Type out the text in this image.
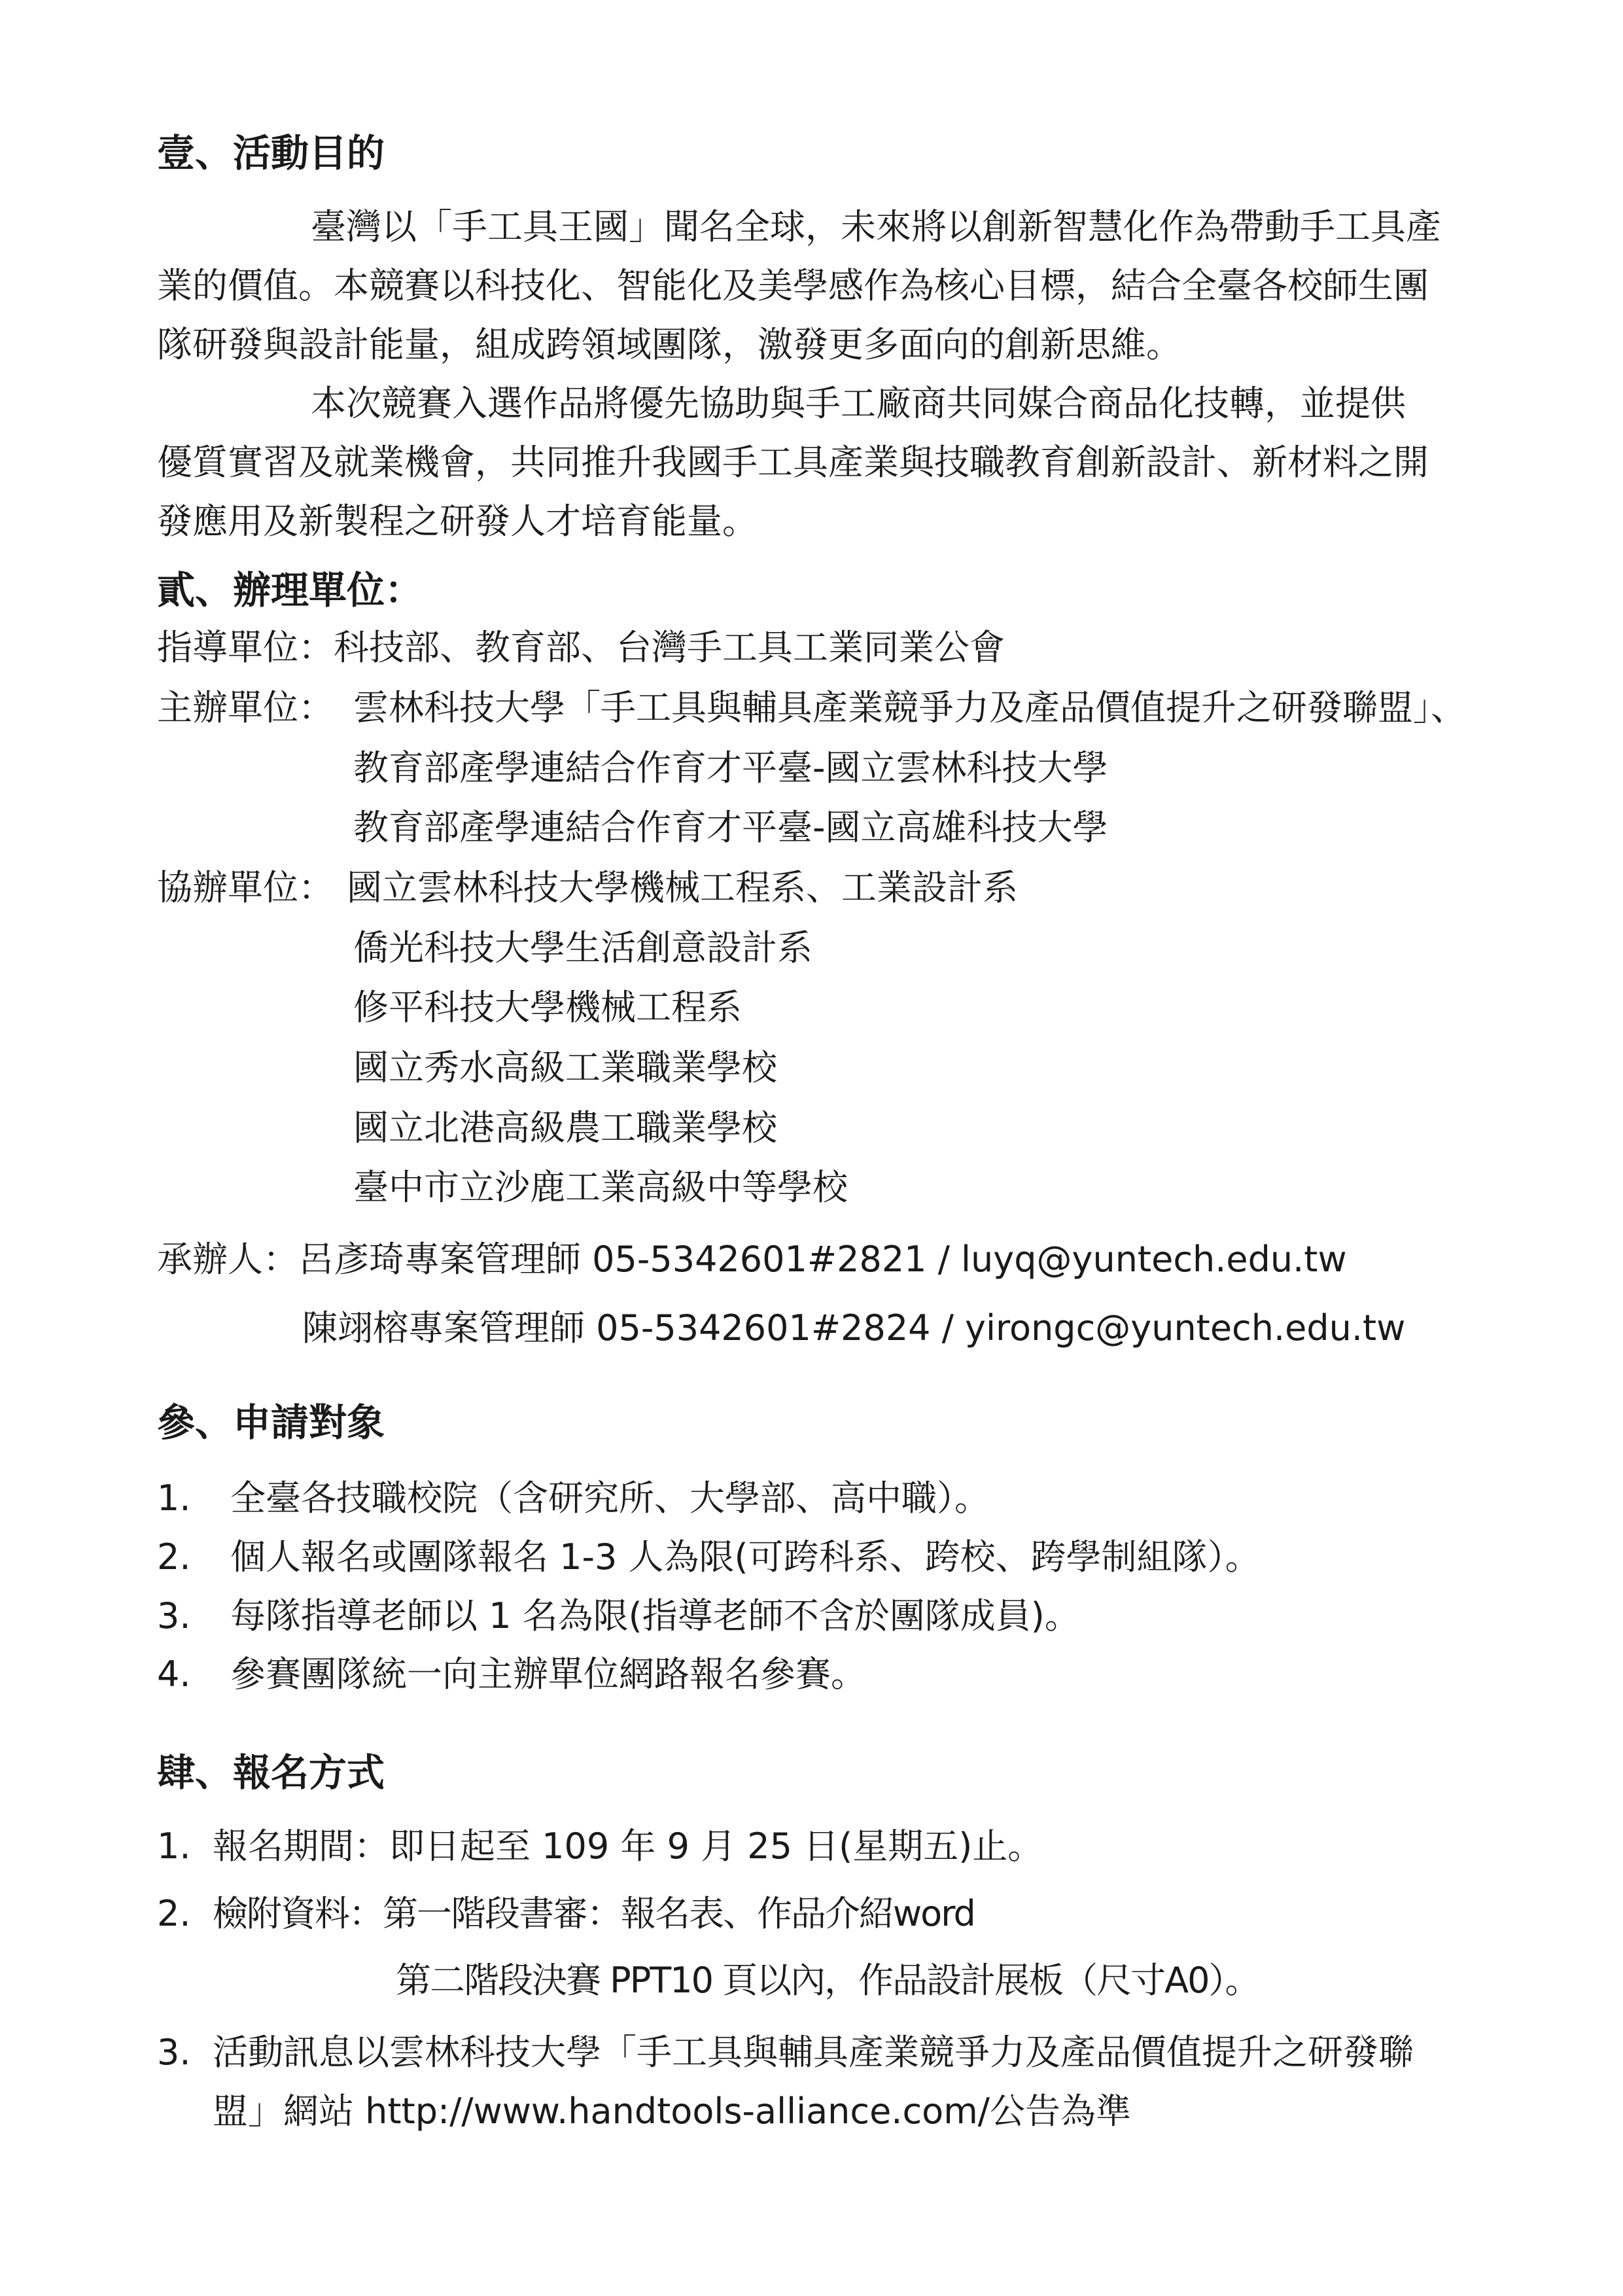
壹、活動目的
臺灣以「手工具王國」聞名全球，未來將以創新智慧化作為帶動手工具產
業的價值。本競賽以科技化、智能化及美學感作為核心目標，結合全臺各校師生團
隊研發與設計能量，組成跨領域團隊，激發更多面向的創新思維。
本次競賽入選作品將優先協助與手工廠商共同媒合商品化技轉，並提供
優質實習及就業機會，共同推升我國手工具產業與技職教育創新設計、新材料之開
發應用及新製程之研發人才培育能量。
貳、辦理單位：
指導單位：科技部、教育部、台灣手工具工業同業公會
主辦單位： 雲林科技大學「手工具與輔具產業競爭力及產品價值提升之研發聯盟」、
教育部產學連結合作育才平臺-國立雲林科技大學
教育部產學連結合作育才平臺-國立高雄科技大學
協辦單位： 國立雲林科技大學機械工程系、工業設計系
僑光科技大學生活創意設計系
修平科技大學機械工程系
國立秀水高級工業職業學校
國立北港高級農工職業學校
臺中市立沙鹿工業高級中等學校
承辦人：呂彥琦專案管理師 05-5342601#2821 / luyq@yuntech.edu.tw
陳翊榕專案管理師 05-5342601#2824 / yirongc@yuntech.edu.tw
參、申請對象
1. 全臺各技職校院（含研究所、大學部、高中職）。
2. 個人報名或團隊報名 1-3 人為限(可跨科系、跨校、跨學制組隊）。
3. 每隊指導老師以 1 名為限(指導老師不含於團隊成員)。
4. 參賽團隊統一向主辦單位網路報名參賽。
肆、報名方式
1. 報名期間：即日起至 109 年 9 月 25 日(星期五)止。
2. 檢附資料：第一階段書審：報名表、作品介紹word
第二階段決賽 PPT10 頁以內，作品設計展板（尺寸A0）。
3. 活動訊息以雲林科技大學「手工具與輔具產業競爭力及產品價值提升之研發聯
盟」網站 http://www.handtools-alliance.com/公告為準
